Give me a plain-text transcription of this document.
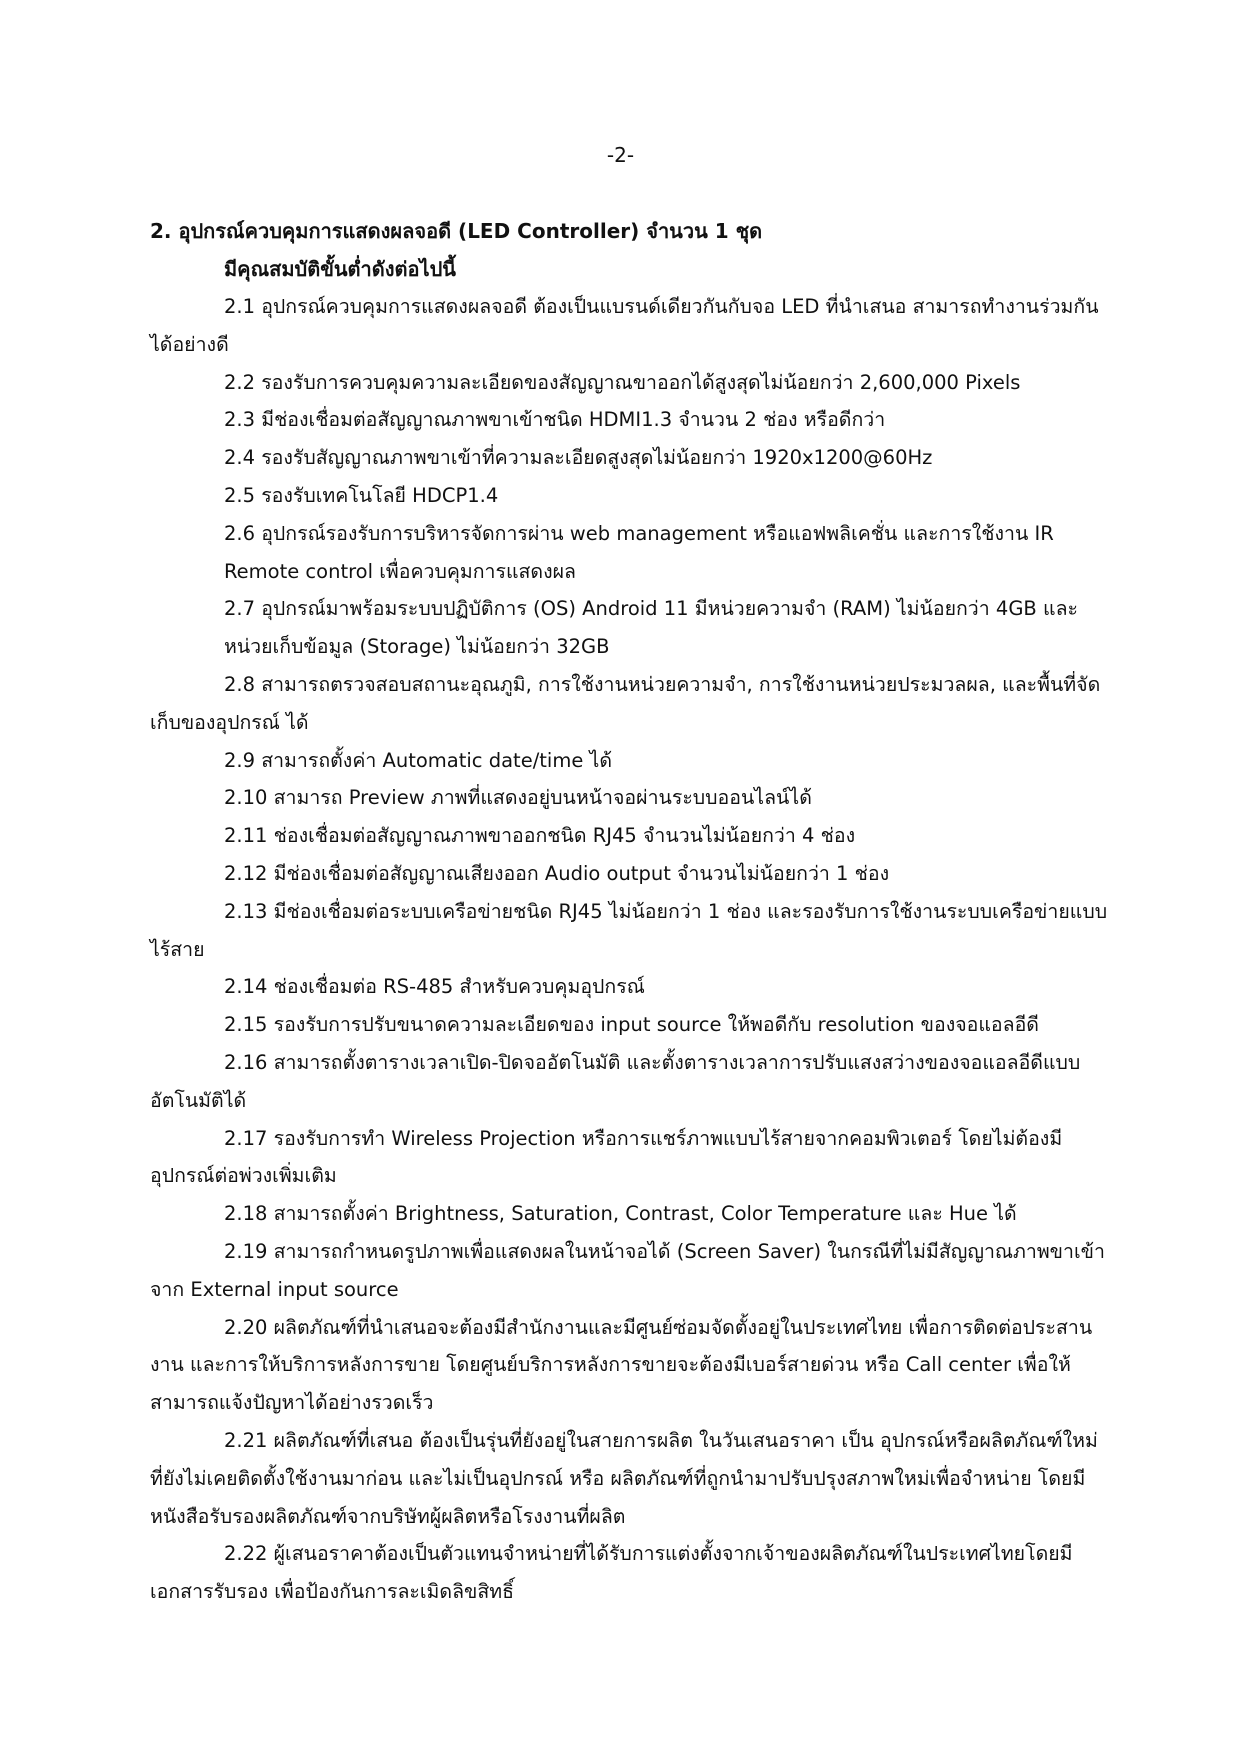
-2-
2. อุปกรณ์ควบคุมการแสดงผลจอดี (LED Controller) จำนวน 1 ชุด
มีคุณสมบัติขั้นต่ำดังต่อไปนี้

2.1 อุปกรณ์ควบคุมการแสดงผลจอดี ต้องเป็นแบรนด์เดียวกันกับจอ LED ที่นำเสนอ สามารถทำงานร่วมกันได้อย่างดี

2.2 รองรับการควบคุมความละเอียดของสัญญาณขาออกได้สูงสุดไม่น้อยกว่า 2,600,000 Pixels

2.3 มีช่องเชื่อมต่อสัญญาณภาพขาเข้าชนิด HDMI1.3 จำนวน 2 ช่อง หรือดีกว่า

2.4 รองรับสัญญาณภาพขาเข้าที่ความละเอียดสูงสุดไม่น้อยกว่า 1920x1200@60Hz

2.5 รองรับเทคโนโลยี HDCP1.4

2.6 อุปกรณ์รองรับการบริหารจัดการผ่าน web management หรือแอฟพลิเคชั่น และการใช้งาน IR Remote control เพื่อควบคุมการแสดงผล

2.7 อุปกรณ์มาพร้อมระบบปฏิบัติการ (OS) Android 11 มีหน่วยความจำ (RAM) ไม่น้อยกว่า 4GB และหน่วยเก็บข้อมูล (Storage) ไม่น้อยกว่า 32GB

2.8 สามารถตรวจสอบสถานะอุณภูมิ, การใช้งานหน่วยความจำ, การใช้งานหน่วยประมวลผล, และพื้นที่จัดเก็บของอุปกรณ์ ได้

2.9 สามารถตั้งค่า Automatic date/time ได้

2.10 สามารถ Preview ภาพที่แสดงอยู่บนหน้าจอผ่านระบบออนไลน์ได้

2.11 ช่องเชื่อมต่อสัญญาณภาพขาออกชนิด RJ45 จำนวนไม่น้อยกว่า 4 ช่อง

2.12 มีช่องเชื่อมต่อสัญญาณเสียงออก Audio output จำนวนไม่น้อยกว่า 1 ช่อง

2.13 มีช่องเชื่อมต่อระบบเครือข่ายชนิด RJ45 ไม่น้อยกว่า 1 ช่อง และรองรับการใช้งานระบบเครือข่ายแบบไร้สาย

2.14 ช่องเชื่อมต่อ RS-485 สำหรับควบคุมอุปกรณ์

2.15 รองรับการปรับขนาดความละเอียดของ input source ให้พอดีกับ resolution ของจอแอลอีดี

2.16 สามารถตั้งตารางเวลาเปิด-ปิดจออัตโนมัติ และตั้งตารางเวลาการปรับแสงสว่างของจอแอลอีดีแบบอัตโนมัติได้

2.17 รองรับการทำ Wireless Projection หรือการแชร์ภาพแบบไร้สายจากคอมพิวเตอร์ โดยไม่ต้องมีอุปกรณ์ต่อพ่วงเพิ่มเติม

2.18 สามารถตั้งค่า Brightness, Saturation, Contrast, Color Temperature และ Hue ได้

2.19 สามารถกำหนดรูปภาพเพื่อแสดงผลในหน้าจอได้ (Screen Saver) ในกรณีที่ไม่มีสัญญาณภาพขาเข้าจาก External input source

2.20 ผลิตภัณฑ์ที่นำเสนอจะต้องมีสำนักงานและมีศูนย์ซ่อมจัดตั้งอยู่ในประเทศไทย เพื่อการติดต่อประสานงาน และการให้บริการหลังการขาย โดยศูนย์บริการหลังการขายจะต้องมีเบอร์สายด่วน หรือ Call center เพื่อให้สามารถแจ้งปัญหาได้อย่างรวดเร็ว

2.21 ผลิตภัณฑ์ที่เสนอ ต้องเป็นรุ่นที่ยังอยู่ในสายการผลิต ในวันเสนอราคา เป็น อุปกรณ์หรือผลิตภัณฑ์ใหม่ที่ยังไม่เคยติดตั้งใช้งานมาก่อน และไม่เป็นอุปกรณ์ หรือ ผลิตภัณฑ์ที่ถูกนำมาปรับปรุงสภาพใหม่เพื่อจำหน่าย โดยมีหนังสือรับรองผลิตภัณฑ์จากบริษัทผู้ผลิตหรือโรงงานที่ผลิต

2.22 ผู้เสนอราคาต้องเป็นตัวแทนจำหน่ายที่ได้รับการแต่งตั้งจากเจ้าของผลิตภัณฑ์ในประเทศไทยโดยมีเอกสารรับรอง เพื่อป้องกันการละเมิดลิขสิทธิ์
